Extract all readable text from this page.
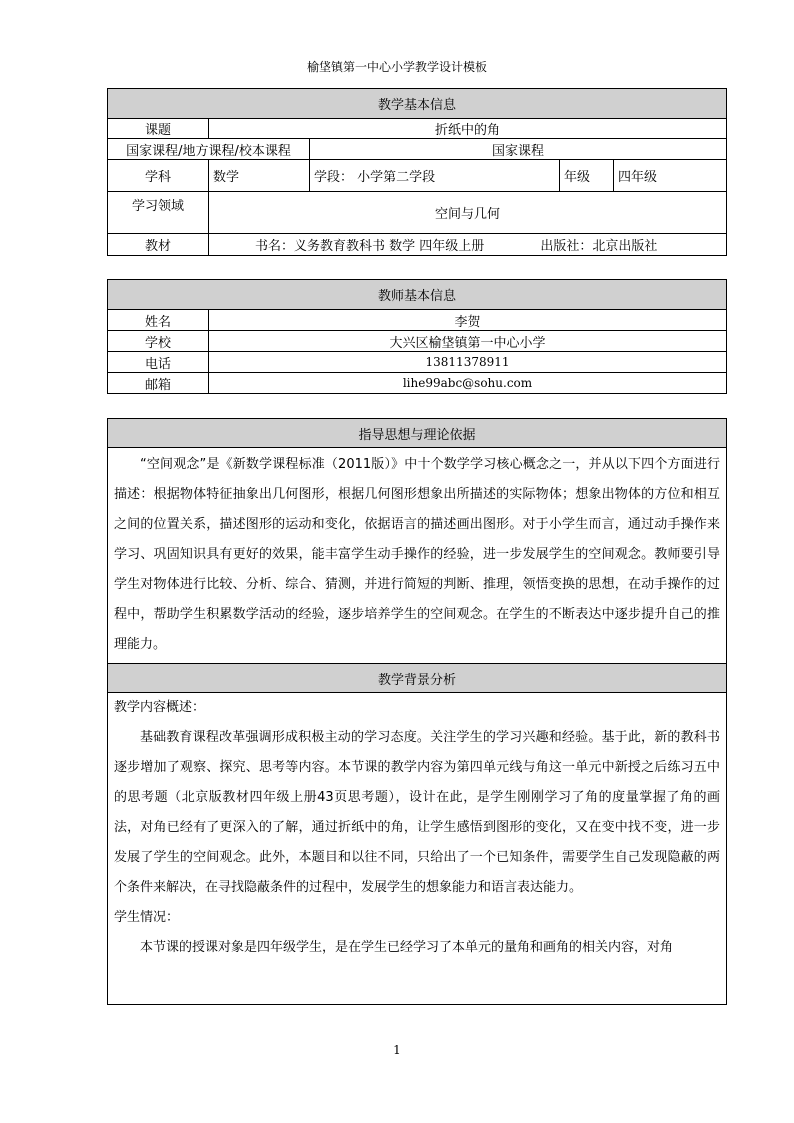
榆垡镇第一中心小学教学设计模板
教学基本信息				
课题	折纸中的角			
国家课程/地方课程/校本课程		国家课程		
学科	数学	学段： 小学第二学段	年级	四年级
学习领域	空间与几何			
教材	书名：义务教育教科书 数学 四年级上册 出版社：北京出版社			
教师基本信息	
姓名	李贺
学校	大兴区榆垡镇第一中心小学
电话	13811378911
邮箱	lihe99abc@sohu.com
指导思想与理论依据
“空间观念”是《新数学课程标准（2011版）》中十个数学学习核心概念之一，并从以下四个方面进行描述：根据物体特征抽象出几何图形，根据几何图形想象出所描述的实际物体；想象出物体的方位和相互之间的位置关系，描述图形的运动和变化，依据语言的描述画出图形。对于小学生而言，通过动手操作来学习、巩固知识具有更好的效果，能丰富学生动手操作的经验，进一步发展学生的空间观念。教师要引导学生对物体进行比较、分析、综合、猜测，并进行简短的判断、推理，领悟变换的思想，在动手操作的过程中，帮助学生积累数学活动的经验，逐步培养学生的空间观念。在学生的不断表达中逐步提升自己的推理能力。
教学背景分析

教学内容概述：
基础教育课程改革强调形成积极主动的学习态度。关注学生的学习兴趣和经验。基于此，新的教科书逐步增加了观察、探究、思考等内容。本节课的教学内容为第四单元线与角这一单元中新授之后练习五中的思考题（北京版教材四年级上册43页思考题），设计在此，是学生刚刚学习了角的度量掌握了角的画法，对角已经有了更深入的了解，通过折纸中的角，让学生感悟到图形的变化，又在变中找不变，进一步发展了学生的空间观念。此外，本题目和以往不同，只给出了一个已知条件，需要学生自己发现隐蔽的两个条件来解决，在寻找隐蔽条件的过程中，发展学生的想象能力和语言表达能力。
学生情况：
本节课的授课对象是四年级学生，是在学生已经学习了本单元的量角和画角的相关内容，对角
1
